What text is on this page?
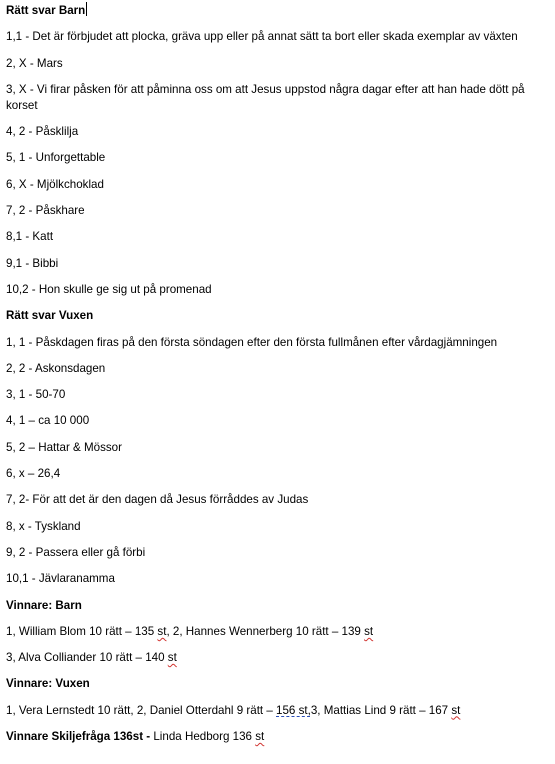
Rätt svar Barn

1,1 - Det är förbjudet att plocka, gräva upp eller på annat sätt ta bort eller skada exemplar av växten

2, X - Mars

3, X - Vi firar påsken för att påminna oss om att Jesus uppstod några dagar efter att han hade dött på korset

4, 2 - Påsklilja

5, 1 - Unforgettable

6, X - Mjölkchoklad

7, 2 - Påskhare

8,1 - Katt

9,1 - Bibbi

10,2 - Hon skulle ge sig ut på promenad

Rätt svar Vuxen

1, 1 - Påskdagen firas på den första söndagen efter den första fullmånen efter vårdagjämningen

2, 2 - Askonsdagen

3, 1 - 50-70

4, 1 – ca 10 000

5, 2 – Hattar & Mössor

6, x – 26,4

7, 2- För att det är den dagen då Jesus förråddes av Judas

8, x - Tyskland

9, 2 - Passera eller gå förbi

10,1 - Jävlaranamma

Vinnare: Barn

1, William Blom 10 rätt – 135 st, 2, Hannes Wennerberg 10 rätt – 139 st

3, Alva Colliander 10 rätt – 140 st

Vinnare: Vuxen

1, Vera Lernstedt 10 rätt, 2, Daniel Otterdahl 9 rätt – 156 st,3, Mattias Lind 9 rätt – 167 st

Vinnare Skiljefråga 136st - Linda Hedborg 136 st
